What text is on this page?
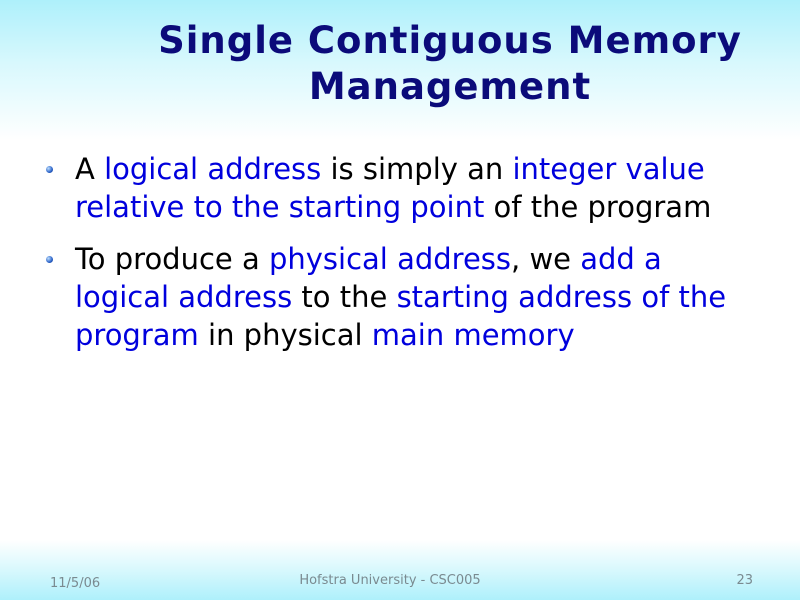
Single Contiguous Memory
Management
A logical address is simply an integer value relative to the starting point of the program
To produce a physical address, we add a logical address to the starting address of the program in physical main memory
11/5/06	Hofstra University - CSC005	23
